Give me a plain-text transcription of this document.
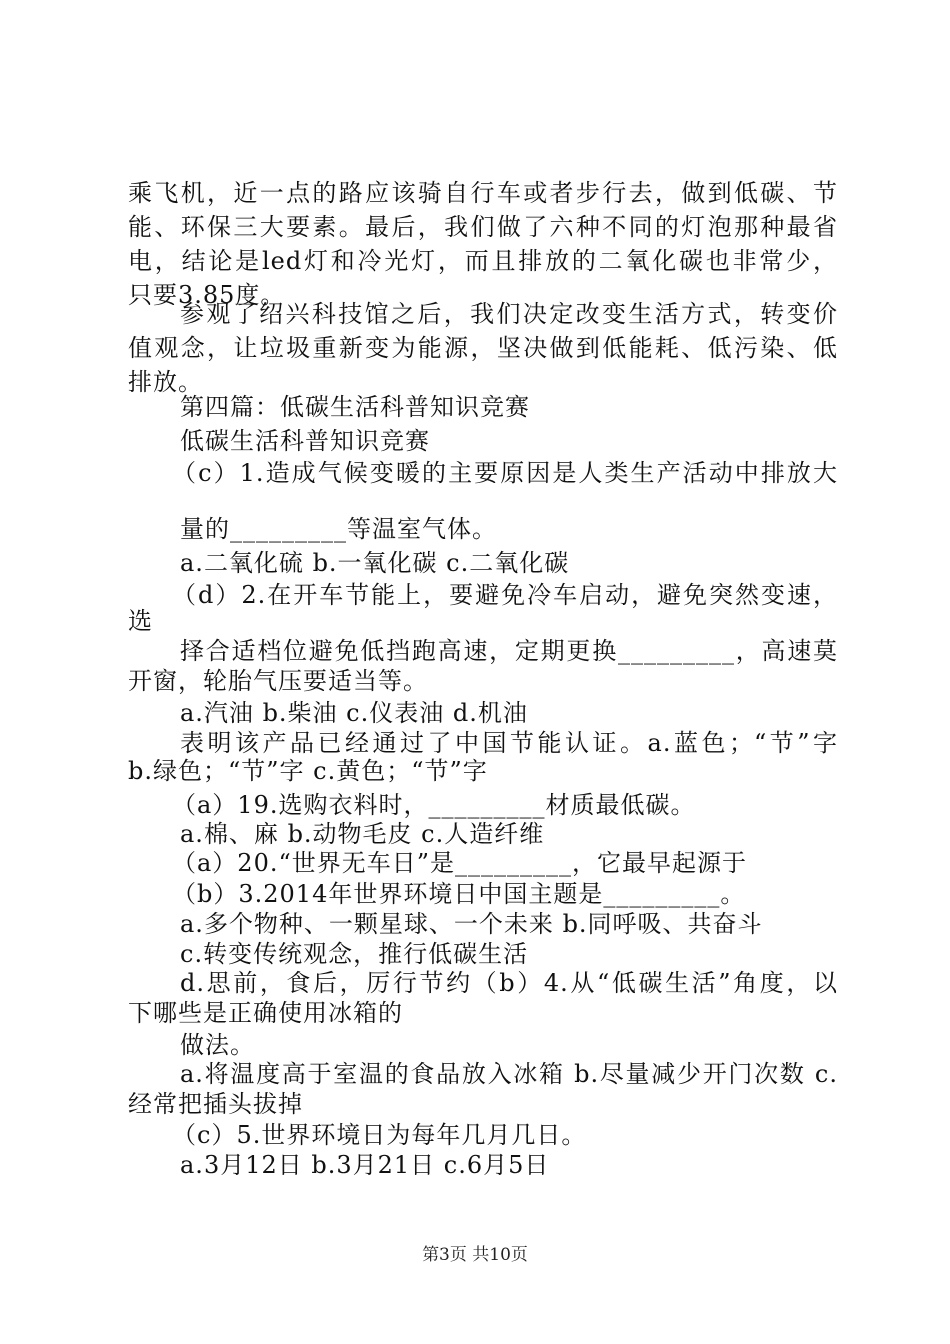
乘飞机，近一点的路应该骑自行车或者步行去，做到低碳、节
能、环保三大要素。最后，我们做了六种不同的灯泡那种最省
电，结论是led灯和冷光灯，而且排放的二氧化碳也非常少，
只要3.85度。
参观了绍兴科技馆之后，我们决定改变生活方式，转变价
值观念，让垃圾重新变为能源，坚决做到低能耗、低污染、低
排放。
第四篇：低碳生活科普知识竞赛
低碳生活科普知识竞赛
（c）1.造成气候变暖的主要原因是人类生产活动中排放大
量的_________等温室气体。
a.二氧化硫 b.一氧化碳 c.二氧化碳
（d）2.在开车节能上，要避免冷车启动，避免突然变速，
选
择合适档位避免低挡跑高速，定期更换_________，高速莫
开窗，轮胎气压要适当等。
a.汽油 b.柴油 c.仪表油 d.机油
表明该产品已经通过了中国节能认证。a.蓝色；“节”字
b.绿色；“节”字 c.黄色；“节”字
（a）19.选购衣料时，_________材质最低碳。
a.棉、麻 b.动物毛皮 c.人造纤维
（a）20.“世界无车日”是_________，它最早起源于
（b）3.2014年世界环境日中国主题是_________。
a.多个物种、一颗星球、一个未来 b.同呼吸、共奋斗
c.转变传统观念，推行低碳生活
d.思前，食后，厉行节约（b）4.从“低碳生活”角度，以
下哪些是正确使用冰箱的
做法。
a.将温度高于室温的食品放入冰箱 b.尽量减少开门次数 c.
经常把插头拔掉
（c）5.世界环境日为每年几月几日。
a.3月12日 b.3月21日 c.6月5日
第3页 共10页
